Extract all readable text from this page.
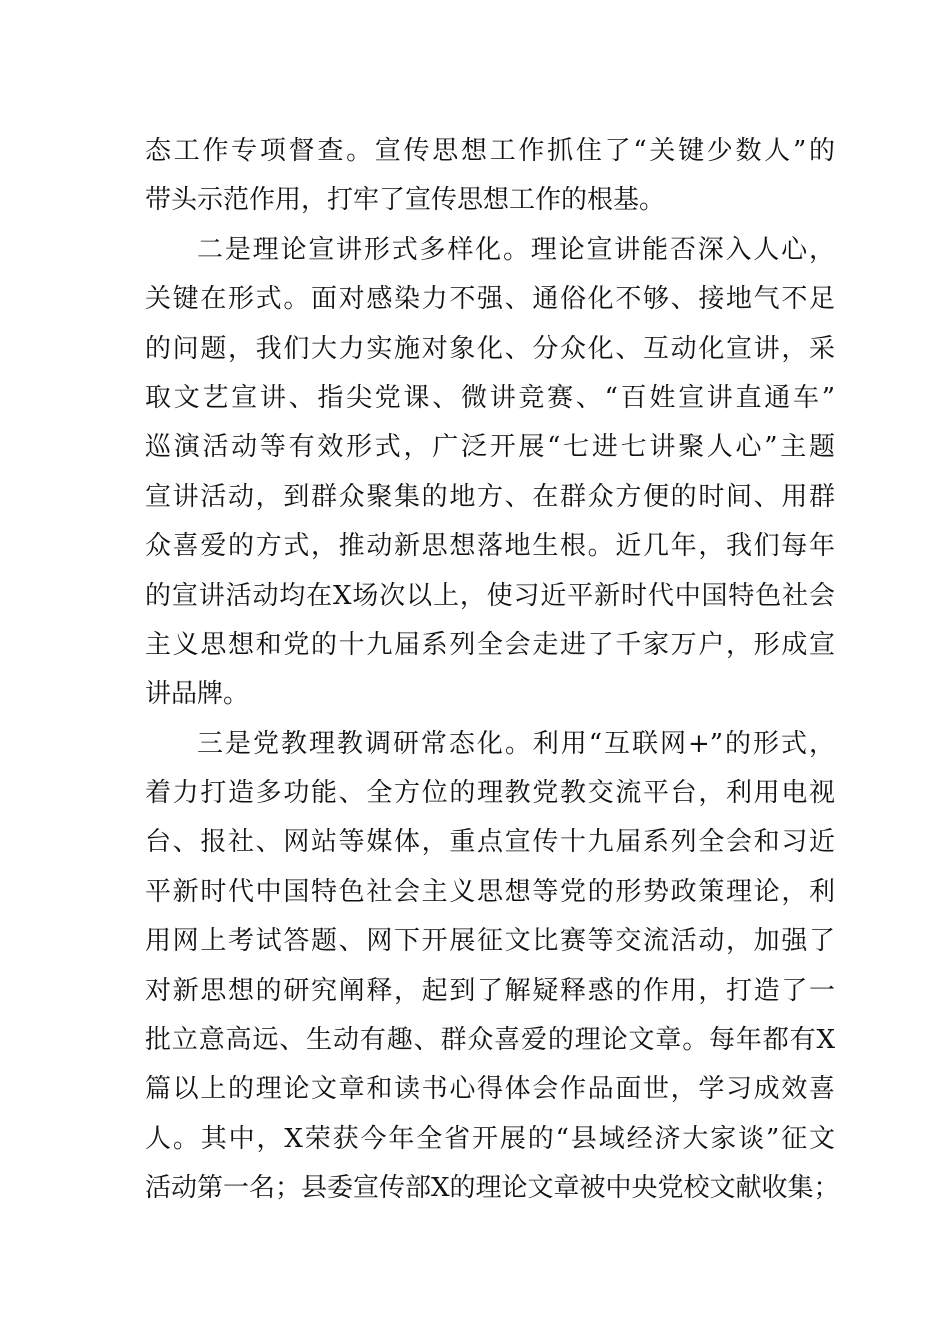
态工作专项督查。宣传思想工作抓住了“关键少数人”的
带头示范作用，打牢了宣传思想工作的根基。
二是理论宣讲形式多样化。理论宣讲能否深入人心，
关键在形式。面对感染力不强、通俗化不够、接地气不足
的问题，我们大力实施对象化、分众化、互动化宣讲，采
取文艺宣讲、指尖党课、微讲竞赛、“百姓宣讲直通车”
巡演活动等有效形式，广泛开展“七进七讲聚人心”主题
宣讲活动，到群众聚集的地方、在群众方便的时间、用群
众喜爱的方式，推动新思想落地生根。近几年，我们每年
的宣讲活动均在X场次以上，使习近平新时代中国特色社会
主义思想和党的十九届系列全会走进了千家万户，形成宣
讲品牌。
三是党教理教调研常态化。利用“互联网+”的形式，
着力打造多功能、全方位的理教党教交流平台，利用电视
台、报社、网站等媒体，重点宣传十九届系列全会和习近
平新时代中国特色社会主义思想等党的形势政策理论，利
用网上考试答题、网下开展征文比赛等交流活动，加强了
对新思想的研究阐释，起到了解疑释惑的作用，打造了一
批立意高远、生动有趣、群众喜爱的理论文章。每年都有X
篇以上的理论文章和读书心得体会作品面世，学习成效喜
人。其中，X荣获今年全省开展的“县域经济大家谈”征文
活动第一名；县委宣传部X的理论文章被中央党校文献收集；
